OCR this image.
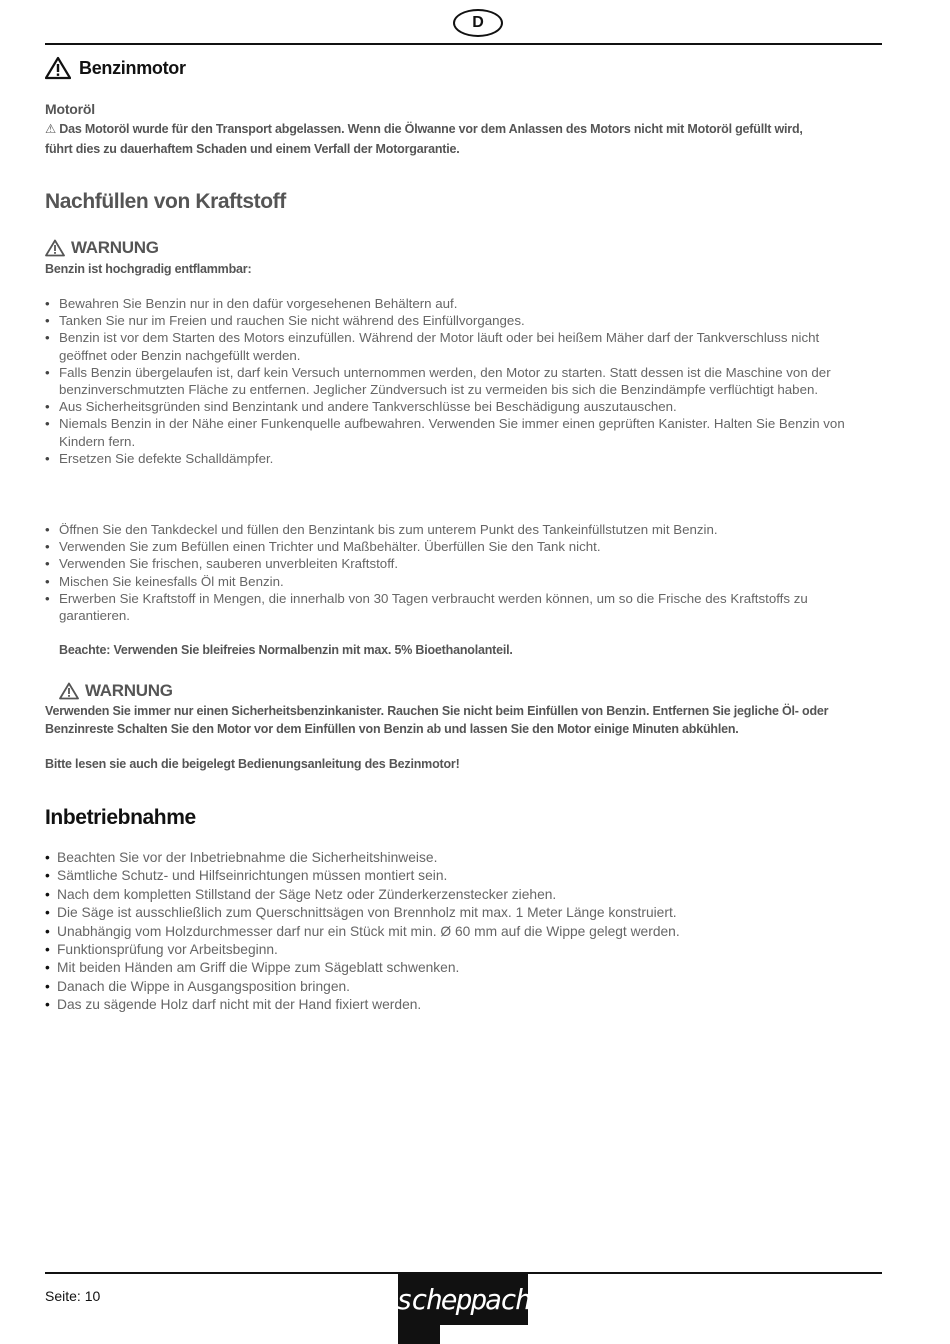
D
Benzinmotor
Motoröl
⚠ Das Motoröl wurde für den Transport abgelassen. Wenn die Ölwanne vor dem Anlassen des Motors nicht mit Motoröl gefüllt wird,
führt dies zu dauerhaftem Schaden und einem Verfall der Motorgarantie.
Nachfüllen von Kraftstoff
WARNUNG
Benzin ist hochgradig entflammbar:
• Bewahren Sie Benzin nur in den dafür vorgesehenen Behältern auf.
• Tanken Sie nur im Freien und rauchen Sie nicht während des Einfüllvorganges.
• Benzin ist vor dem Starten des Motors einzufüllen. Während der Motor läuft oder bei heißem Mäher darf der Tankverschluss nicht geöffnet oder Benzin nachgefüllt werden.
• Falls Benzin übergelaufen ist, darf kein Versuch unternommen werden, den Motor zu starten. Statt dessen ist die Maschine von der benzinverschmutzten Fläche zu entfernen. Jeglicher Zündversuch ist zu vermeiden bis sich die Benzindämpfe verflüchtigt haben.
• Aus Sicherheitsgründen sind Benzintank und andere Tankverschlüsse bei Beschädigung auszutauschen.
• Niemals Benzin in der Nähe einer Funkenquelle aufbewahren. Verwenden Sie immer einen geprüften Kanister. Halten Sie Benzin von Kindern fern.
• Ersetzen Sie defekte Schalldämpfer.
• Öffnen Sie den Tankdeckel und füllen den Benzintank bis zum unterem Punkt des Tankeinfüllstutzen mit Benzin.
• Verwenden Sie zum Befüllen einen Trichter und Maßbehälter. Überfüllen Sie den Tank nicht.
• Verwenden Sie frischen, sauberen unverbleiten Kraftstoff.
• Mischen Sie keinesfalls Öl mit Benzin.
• Erwerben Sie Kraftstoff in Mengen, die innerhalb von 30 Tagen verbraucht werden können, um so die Frische des Kraftstoffs zu garantieren.
Beachte: Verwenden Sie bleifreies Normalbenzin mit max. 5% Bioethanolanteil.
WARNUNG
Verwenden Sie immer nur einen Sicherheitsbenzinkanister. Rauchen Sie nicht beim Einfüllen von Benzin. Entfernen Sie jegliche Öl- oder
Benzinreste Schalten Sie den Motor vor dem Einfüllen von Benzin ab und lassen Sie den Motor einige Minuten abkühlen.
Bitte lesen sie auch die beigelegt Bedienungsanleitung des Bezinmotor!
Inbetriebnahme
• Beachten Sie vor der Inbetriebnahme die Sicherheitshinweise.
• Sämtliche Schutz- und Hilfseinrichtungen müssen montiert sein.
• Nach dem kompletten Stillstand der Säge Netz oder Zünderkerzenstecker ziehen.
• Die Säge ist ausschließlich zum Querschnittsägen von Brennholz mit max. 1 Meter Länge konstruiert.
• Unabhängig vom Holzdurchmesser darf nur ein Stück mit min. Ø 60 mm auf die Wippe gelegt werden.
• Funktionsprüfung vor Arbeitsbeginn.
• Mit beiden Händen am Griff die Wippe zum Sägeblatt schwenken.
• Danach die Wippe in Ausgangsposition bringen.
• Das zu sägende Holz darf nicht mit der Hand fixiert werden.
Seite: 10	scheppach
